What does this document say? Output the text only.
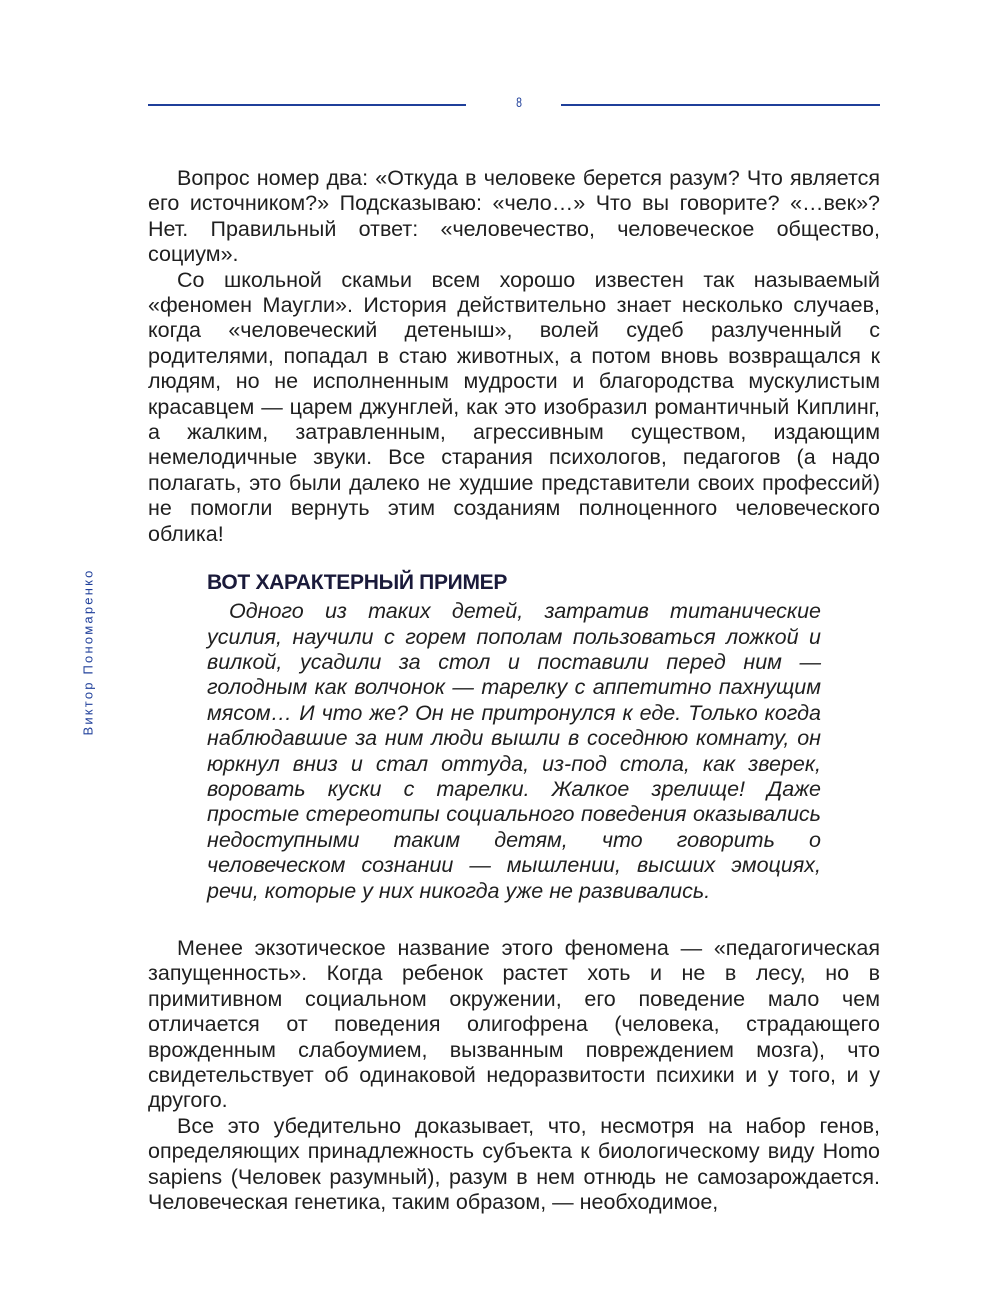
8
Виктор Пономаренко

Вопрос номер два: «Откуда в человеке берется разум? Что является его источником?» Подсказываю: «чело…» Что вы говорите? «…век»? Нет. Правильный ответ: «человечество, человеческое общество, социум».

Со школьной скамьи всем хорошо известен так называемый «феномен Маугли». История действительно знает несколько случаев, когда «человеческий детеныш», волей судеб разлученный с родителями, попадал в стаю животных, а потом вновь возвращался к людям, но не исполненным мудрости и благородства мускулистым красавцем — царем джунглей, как это изобразил романтичный Киплинг, а жалким, затравленным, агрессивным существом, издающим немелодичные звуки. Все старания психологов, педагогов (а надо полагать, это были далеко не худшие представители своих профессий) не помогли вернуть этим созданиям полноценного человеческого облика!

ВОТ ХАРАКТЕРНЫЙ ПРИМЕР

Одного из таких детей, затратив титанические усилия, научили с горем пополам пользоваться ложкой и вилкой, усадили за стол и поставили перед ним — голодным как волчонок — тарелку с аппетитно пахнущим мясом… И что же? Он не притронулся к еде. Только когда наблюдавшие за ним люди вышли в соседнюю комнату, он юркнул вниз и стал оттуда, из-под стола, как зверек, воровать куски с тарелки. Жалкое зрелище! Даже простые стереотипы социального поведения оказывались недоступными таким детям, что говорить о человеческом сознании — мышлении, высших эмоциях, речи, которые у них никогда уже не развивались.

Менее экзотическое название этого феномена — «педагогическая запущенность». Когда ребенок растет хоть и не в лесу, но в примитивном социальном окружении, его поведение мало чем отличается от поведения олигофрена (человека, страдающего врожденным слабоумием, вызванным повреждением мозга), что свидетельствует об одинаковой недоразвитости психики и у того, и у другого.

Все это убедительно доказывает, что, несмотря на набор генов, определяющих принадлежность субъекта к биологическому виду Homo sapiens (Человек разумный), разум в нем отнюдь не самозарождается. Человеческая генетика, таким образом, — необходимое,
